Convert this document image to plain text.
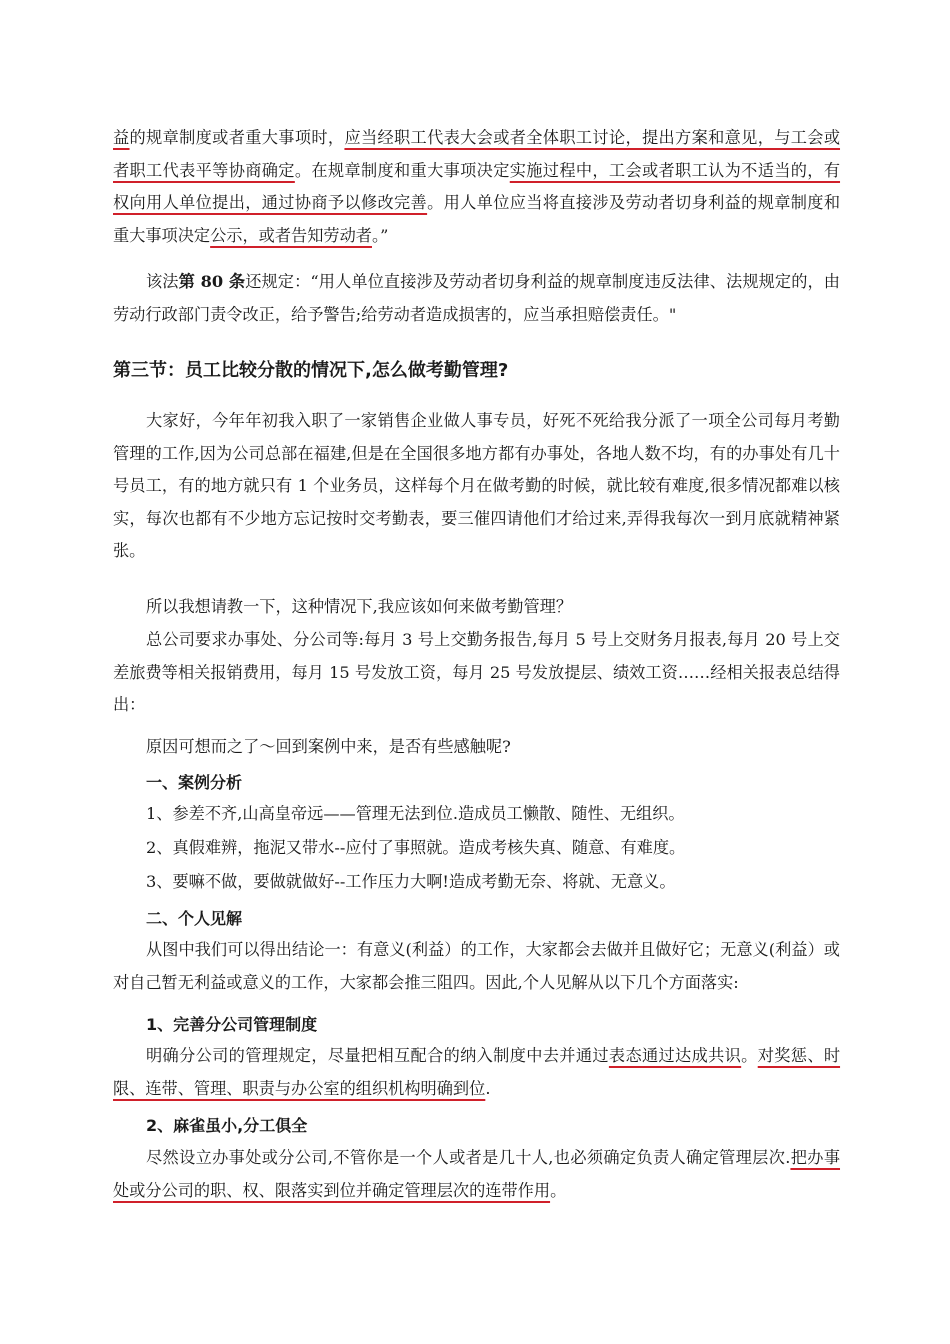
益的规章制度或者重大事项时，应当经职工代表大会或者全体职工讨论，提出方案和意见，与工会或者职工代表平等协商确定。在规章制度和重大事项决定实施过程中，工会或者职工认为不适当的，有权向用人单位提出，通过协商予以修改完善。用人单位应当将直接涉及劳动者切身利益的规章制度和重大事项决定公示，或者告知劳动者。”
该法第 80 条还规定：“用人单位直接涉及劳动者切身利益的规章制度违反法律、法规规定的，由劳动行政部门责令改正，给予警告;给劳动者造成损害的，应当承担赔偿责任。"
第三节：员工比较分散的情况下,怎么做考勤管理?
大家好，今年年初我入职了一家销售企业做人事专员，好死不死给我分派了一项全公司每月考勤管理的工作,因为公司总部在福建,但是在全国很多地方都有办事处，各地人数不均，有的办事处有几十号员工，有的地方就只有 1 个业务员，这样每个月在做考勤的时候，就比较有难度,很多情况都难以核实，每次也都有不少地方忘记按时交考勤表，要三催四请他们才给过来,弄得我每次一到月底就精神紧张。
所以我想请教一下，这种情况下,我应该如何来做考勤管理？
总公司要求办事处、分公司等:每月 3 号上交勤务报告,每月 5 号上交财务月报表,每月 20 号上交差旅费等相关报销费用，每月 15 号发放工资，每月 25 号发放提层、绩效工资……经相关报表总结得出：
原因可想而之了～回到案例中来，是否有些感触呢?
一、案例分析
1、参差不齐,山高皇帝远——管理无法到位.造成员工懒散、随性、无组织。
2、真假难辨，拖泥又带水--应付了事照就。造成考核失真、随意、有难度。
3、要嘛不做，要做就做好--工作压力大啊!造成考勤无奈、将就、无意义。
二、个人见解
从图中我们可以得出结论一：有意义(利益）的工作，大家都会去做并且做好它；无意义(利益）或对自己暂无利益或意义的工作，大家都会推三阻四。因此,个人见解从以下几个方面落实:
1、完善分公司管理制度
明确分公司的管理规定，尽量把相互配合的纳入制度中去并通过表态通过达成共识。对奖惩、时限、连带、管理、职责与办公室的组织机构明确到位.
2、麻雀虽小,分工俱全
尽然设立办事处或分公司,不管你是一个人或者是几十人,也必须确定负责人确定管理层次.把办事处或分公司的职、权、限落实到位并确定管理层次的连带作用。
